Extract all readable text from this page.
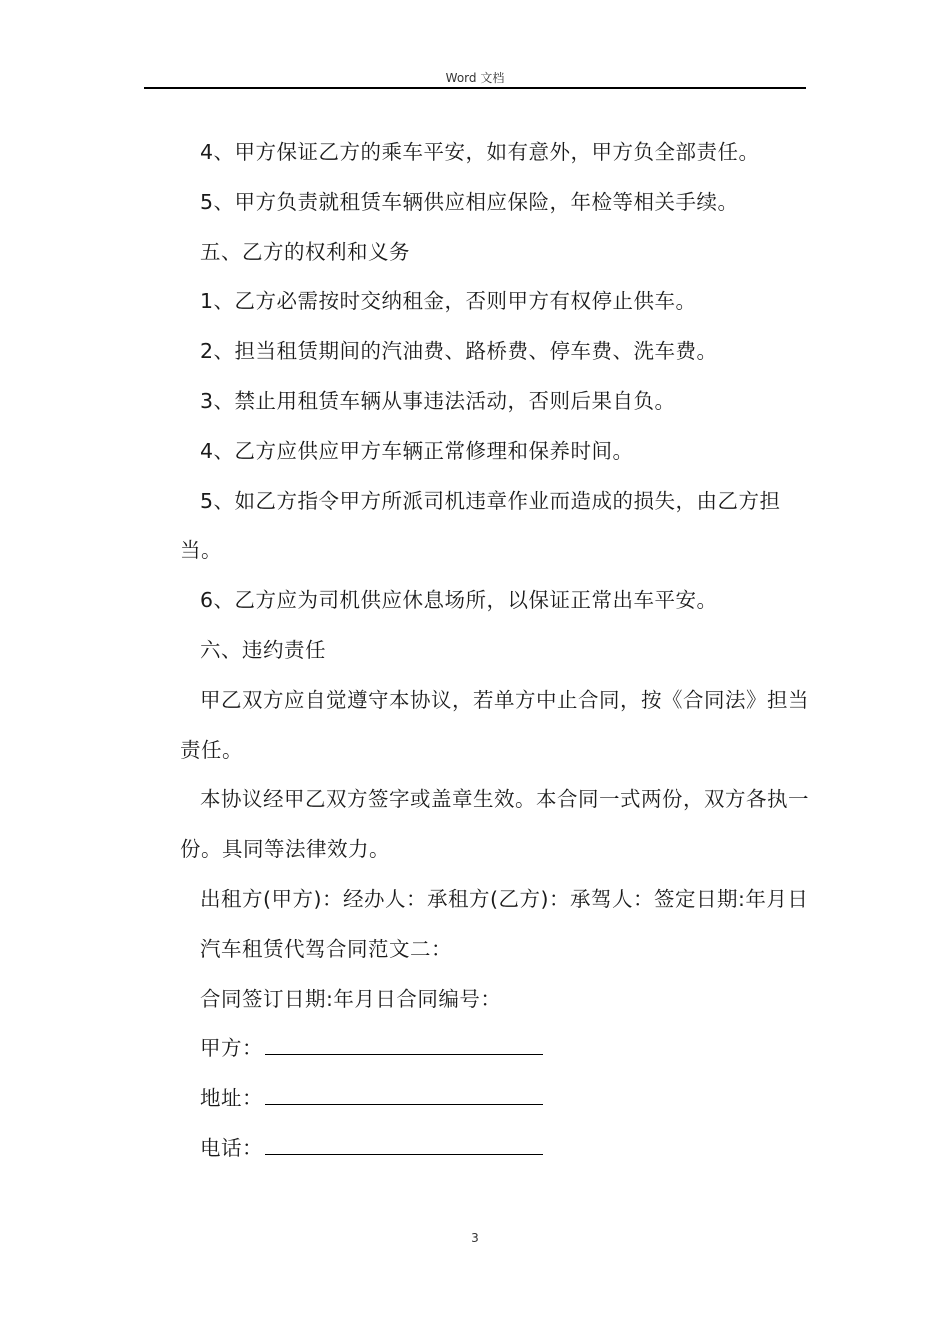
Word 文档

4、甲方保证乙方的乘车平安，如有意外，甲方负全部责任。

5、甲方负责就租赁车辆供应相应保险，年检等相关手续。

五、乙方的权利和义务

1、乙方必需按时交纳租金，否则甲方有权停止供车。

2、担当租赁期间的汽油费、路桥费、停车费、洗车费。

3、禁止用租赁车辆从事违法活动，否则后果自负。

4、乙方应供应甲方车辆正常修理和保养时间。

5、如乙方指令甲方所派司机违章作业而造成的损失，由乙方担当。

6、乙方应为司机供应休息场所，以保证正常出车平安。

六、违约责任

甲乙双方应自觉遵守本协议，若单方中止合同，按《合同法》担当责任。

本协议经甲乙双方签字或盖章生效。本合同一式两份，双方各执一份。具同等法律效力。

出租方(甲方)：经办人：承租方(乙方)：承驾人：签定日期:年月日

汽车租赁代驾合同范文二：

合同签订日期:年月日合同编号：

甲方：

地址：

电话：

3
